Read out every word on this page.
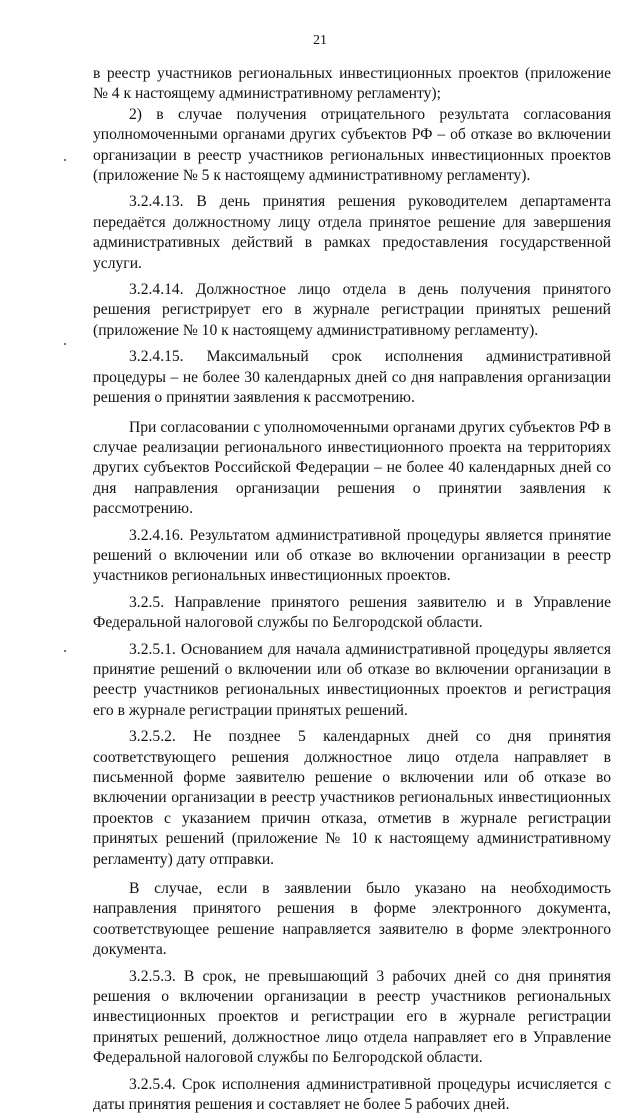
21

в реестр участников региональных инвестиционных проектов (приложение № 4 к настоящему административному регламенту);

2) в случае получения отрицательного результата согласования уполномоченными органами других субъектов РФ – об отказе во включении организации в реестр участников региональных инвестиционных проектов (приложение № 5 к настоящему административному регламенту).

3.2.4.13. В день принятия решения руководителем департамента передаётся должностному лицу отдела принятое решение для завершения административных действий в рамках предоставления государственной услуги.

3.2.4.14. Должностное лицо отдела в день получения принятого решения регистрирует его в журнале регистрации принятых решений (приложение № 10 к настоящему административному регламенту).

3.2.4.15. Максимальный срок исполнения административной процедуры – не более 30 календарных дней со дня направления организации решения о принятии заявления к рассмотрению.

При согласовании с уполномоченными органами других субъектов РФ в случае реализации регионального инвестиционного проекта на территориях других субъектов Российской Федерации – не более 40 календарных дней со дня направления организации решения о принятии заявления к рассмотрению.

3.2.4.16. Результатом административной процедуры является принятие решений о включении или об отказе во включении организации в реестр участников региональных инвестиционных проектов.

3.2.5. Направление принятого решения заявителю и в Управление Федеральной налоговой службы по Белгородской области.

3.2.5.1. Основанием для начала административной процедуры является принятие решений о включении или об отказе во включении организации в реестр участников региональных инвестиционных проектов и регистрация его в журнале регистрации принятых решений.

3.2.5.2. Не позднее 5 календарных дней со дня принятия соответствующего решения должностное лицо отдела направляет в письменной форме заявителю решение о включении или об отказе во включении организации в реестр участников региональных инвестиционных проектов с указанием причин отказа, отметив в журнале регистрации принятых решений (приложение № 10 к настоящему административному регламенту) дату отправки.

В случае, если в заявлении было указано на необходимость направления принятого решения в форме электронного документа, соответствующее решение направляется заявителю в форме электронного документа.

3.2.5.3. В срок, не превышающий 3 рабочих дней со дня принятия решения о включении организации в реестр участников региональных инвестиционных проектов и регистрации его в журнале регистрации принятых решений, должностное лицо отдела направляет его в Управление Федеральной налоговой службы по Белгородской области.

3.2.5.4. Срок исполнения административной процедуры исчисляется с даты принятия решения и составляет не более 5 рабочих дней.
